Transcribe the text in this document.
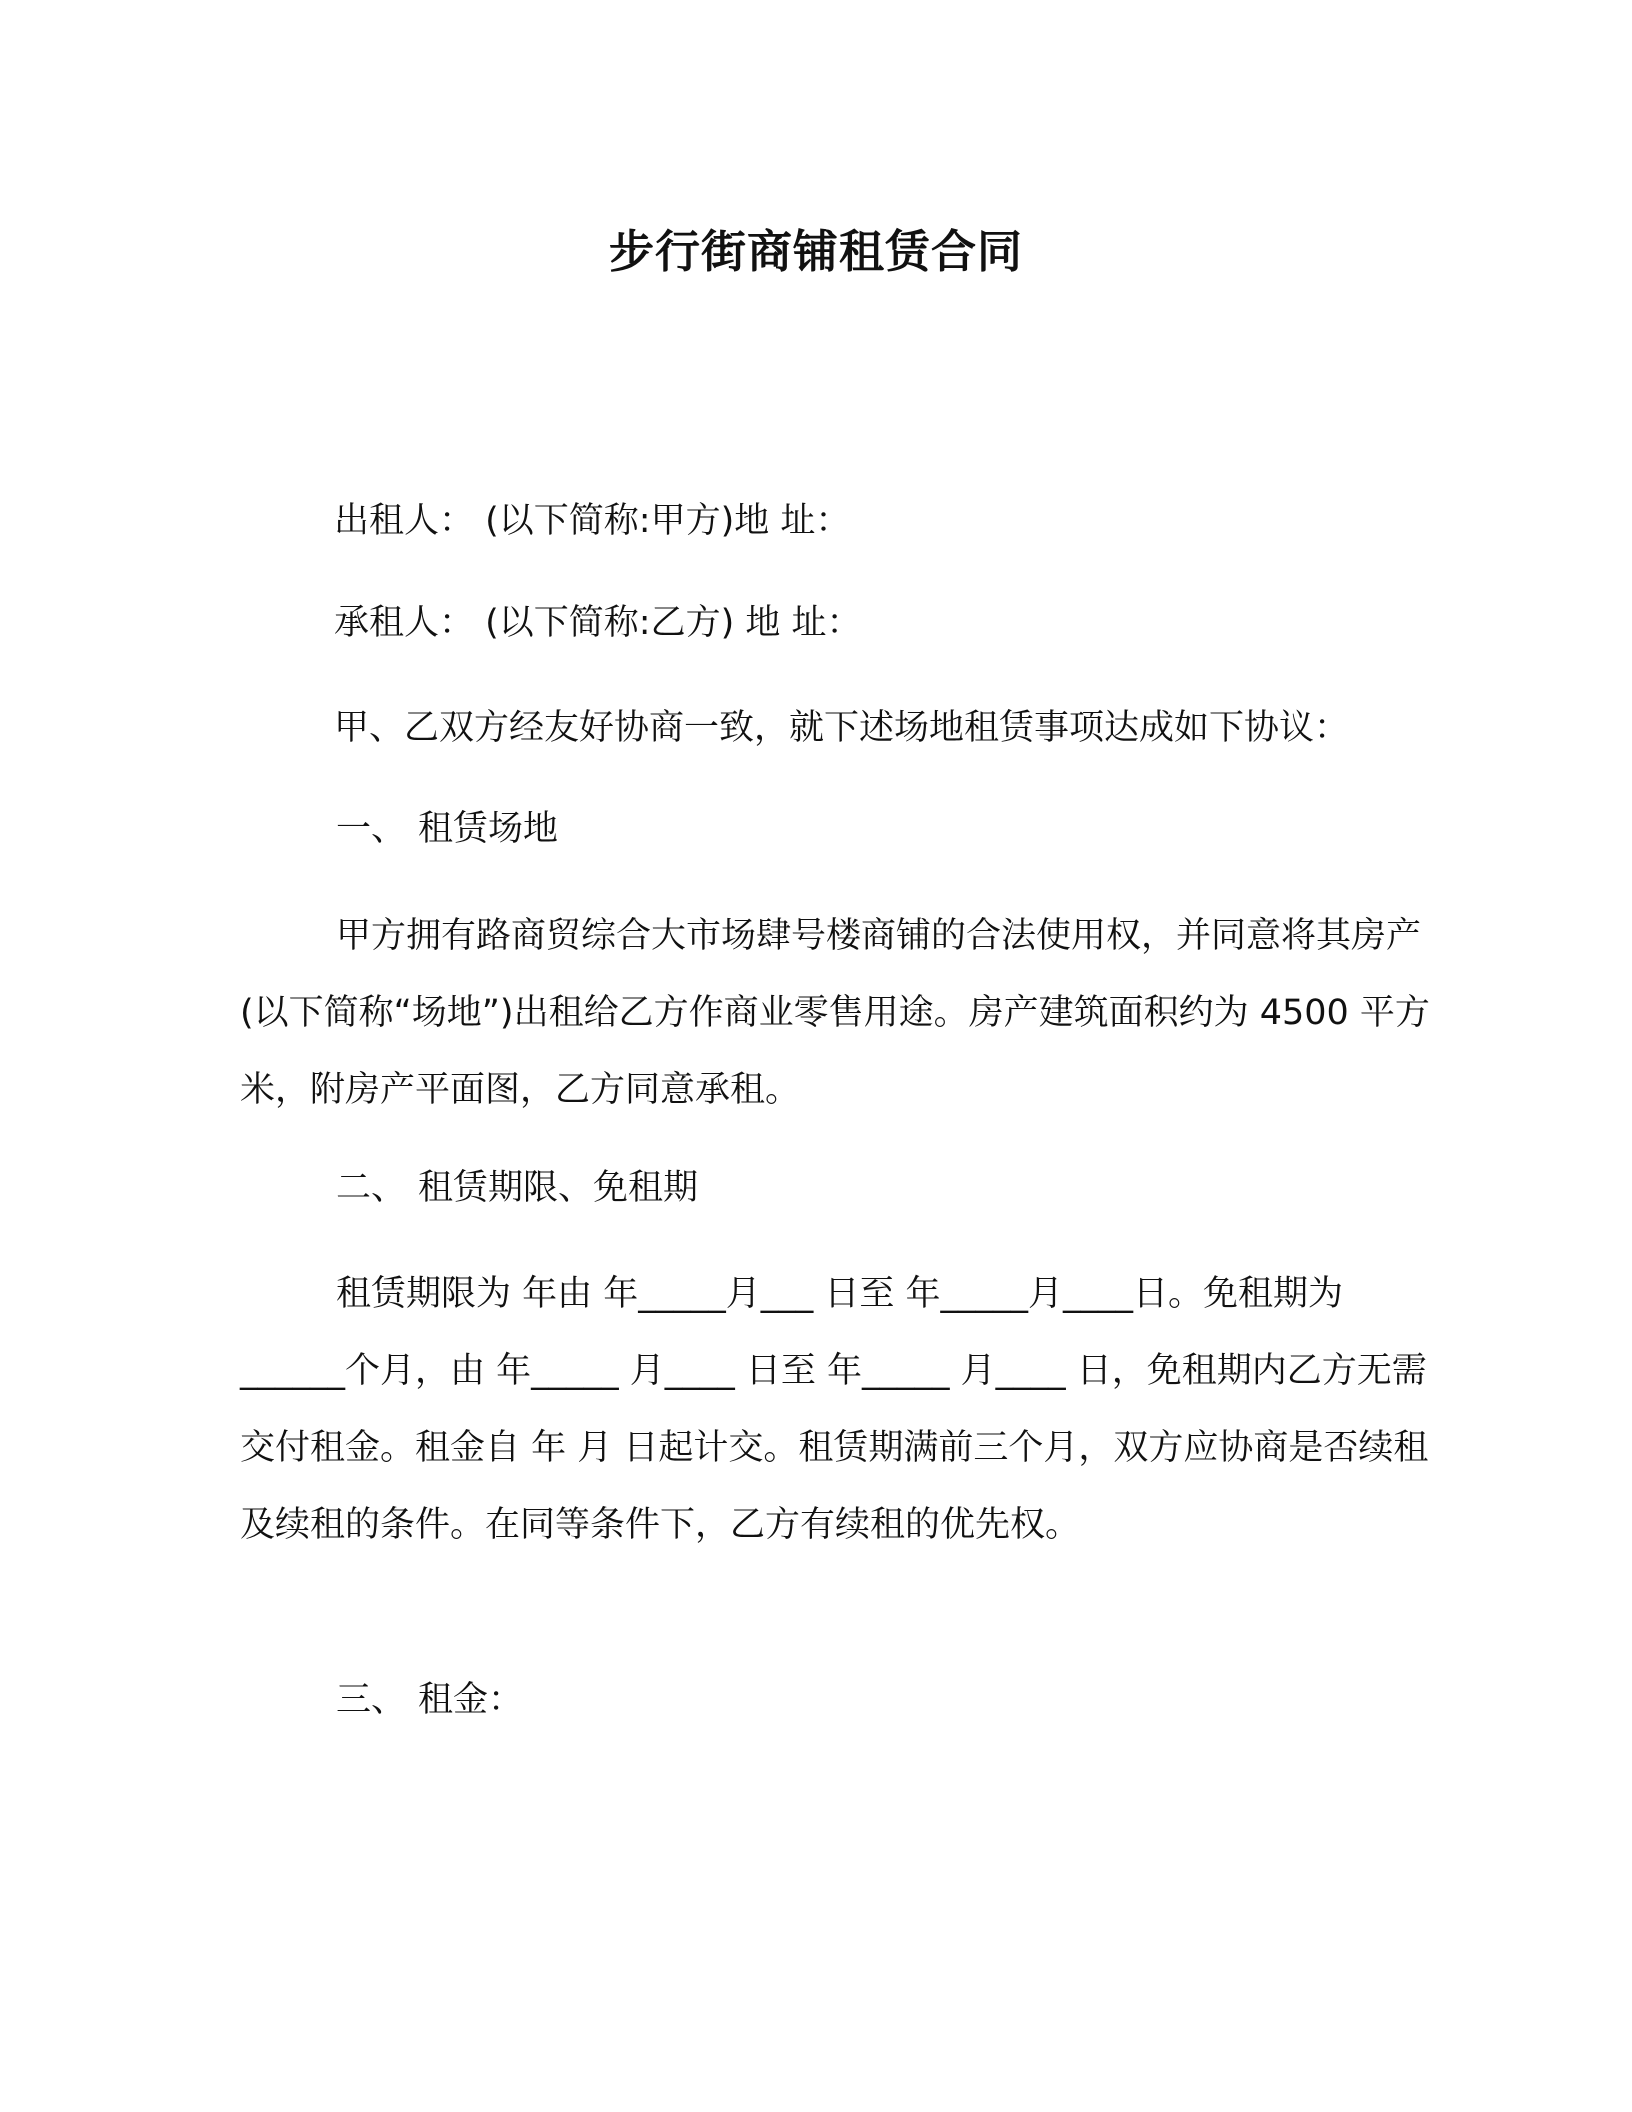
步行街商铺租赁合同
出租人： (以下简称:甲方)地 址：
承租人： (以下简称:乙方) 地 址：
甲、乙双方经友好协商一致，就下述场地租赁事项达成如下协议：
一、 租赁场地
甲方拥有路商贸综合大市场肆号楼商铺的合法使用权，并同意将其房产(以下简称“场地”)出租给乙方作商业零售用途。房产建筑面积约为 4500 平方米，附房产平面图，乙方同意承租。
二、 租赁期限、免租期
租赁期限为 年由 年_____月___ 日至 年_____月____日。免租期为______个月，由 年_____ 月____ 日至 年_____ 月____ 日，免租期内乙方无需交付租金。租金自 年 月 日起计交。租赁期满前三个月，双方应协商是否续租及续租的条件。在同等条件下，乙方有续租的优先权。
三、 租金：
